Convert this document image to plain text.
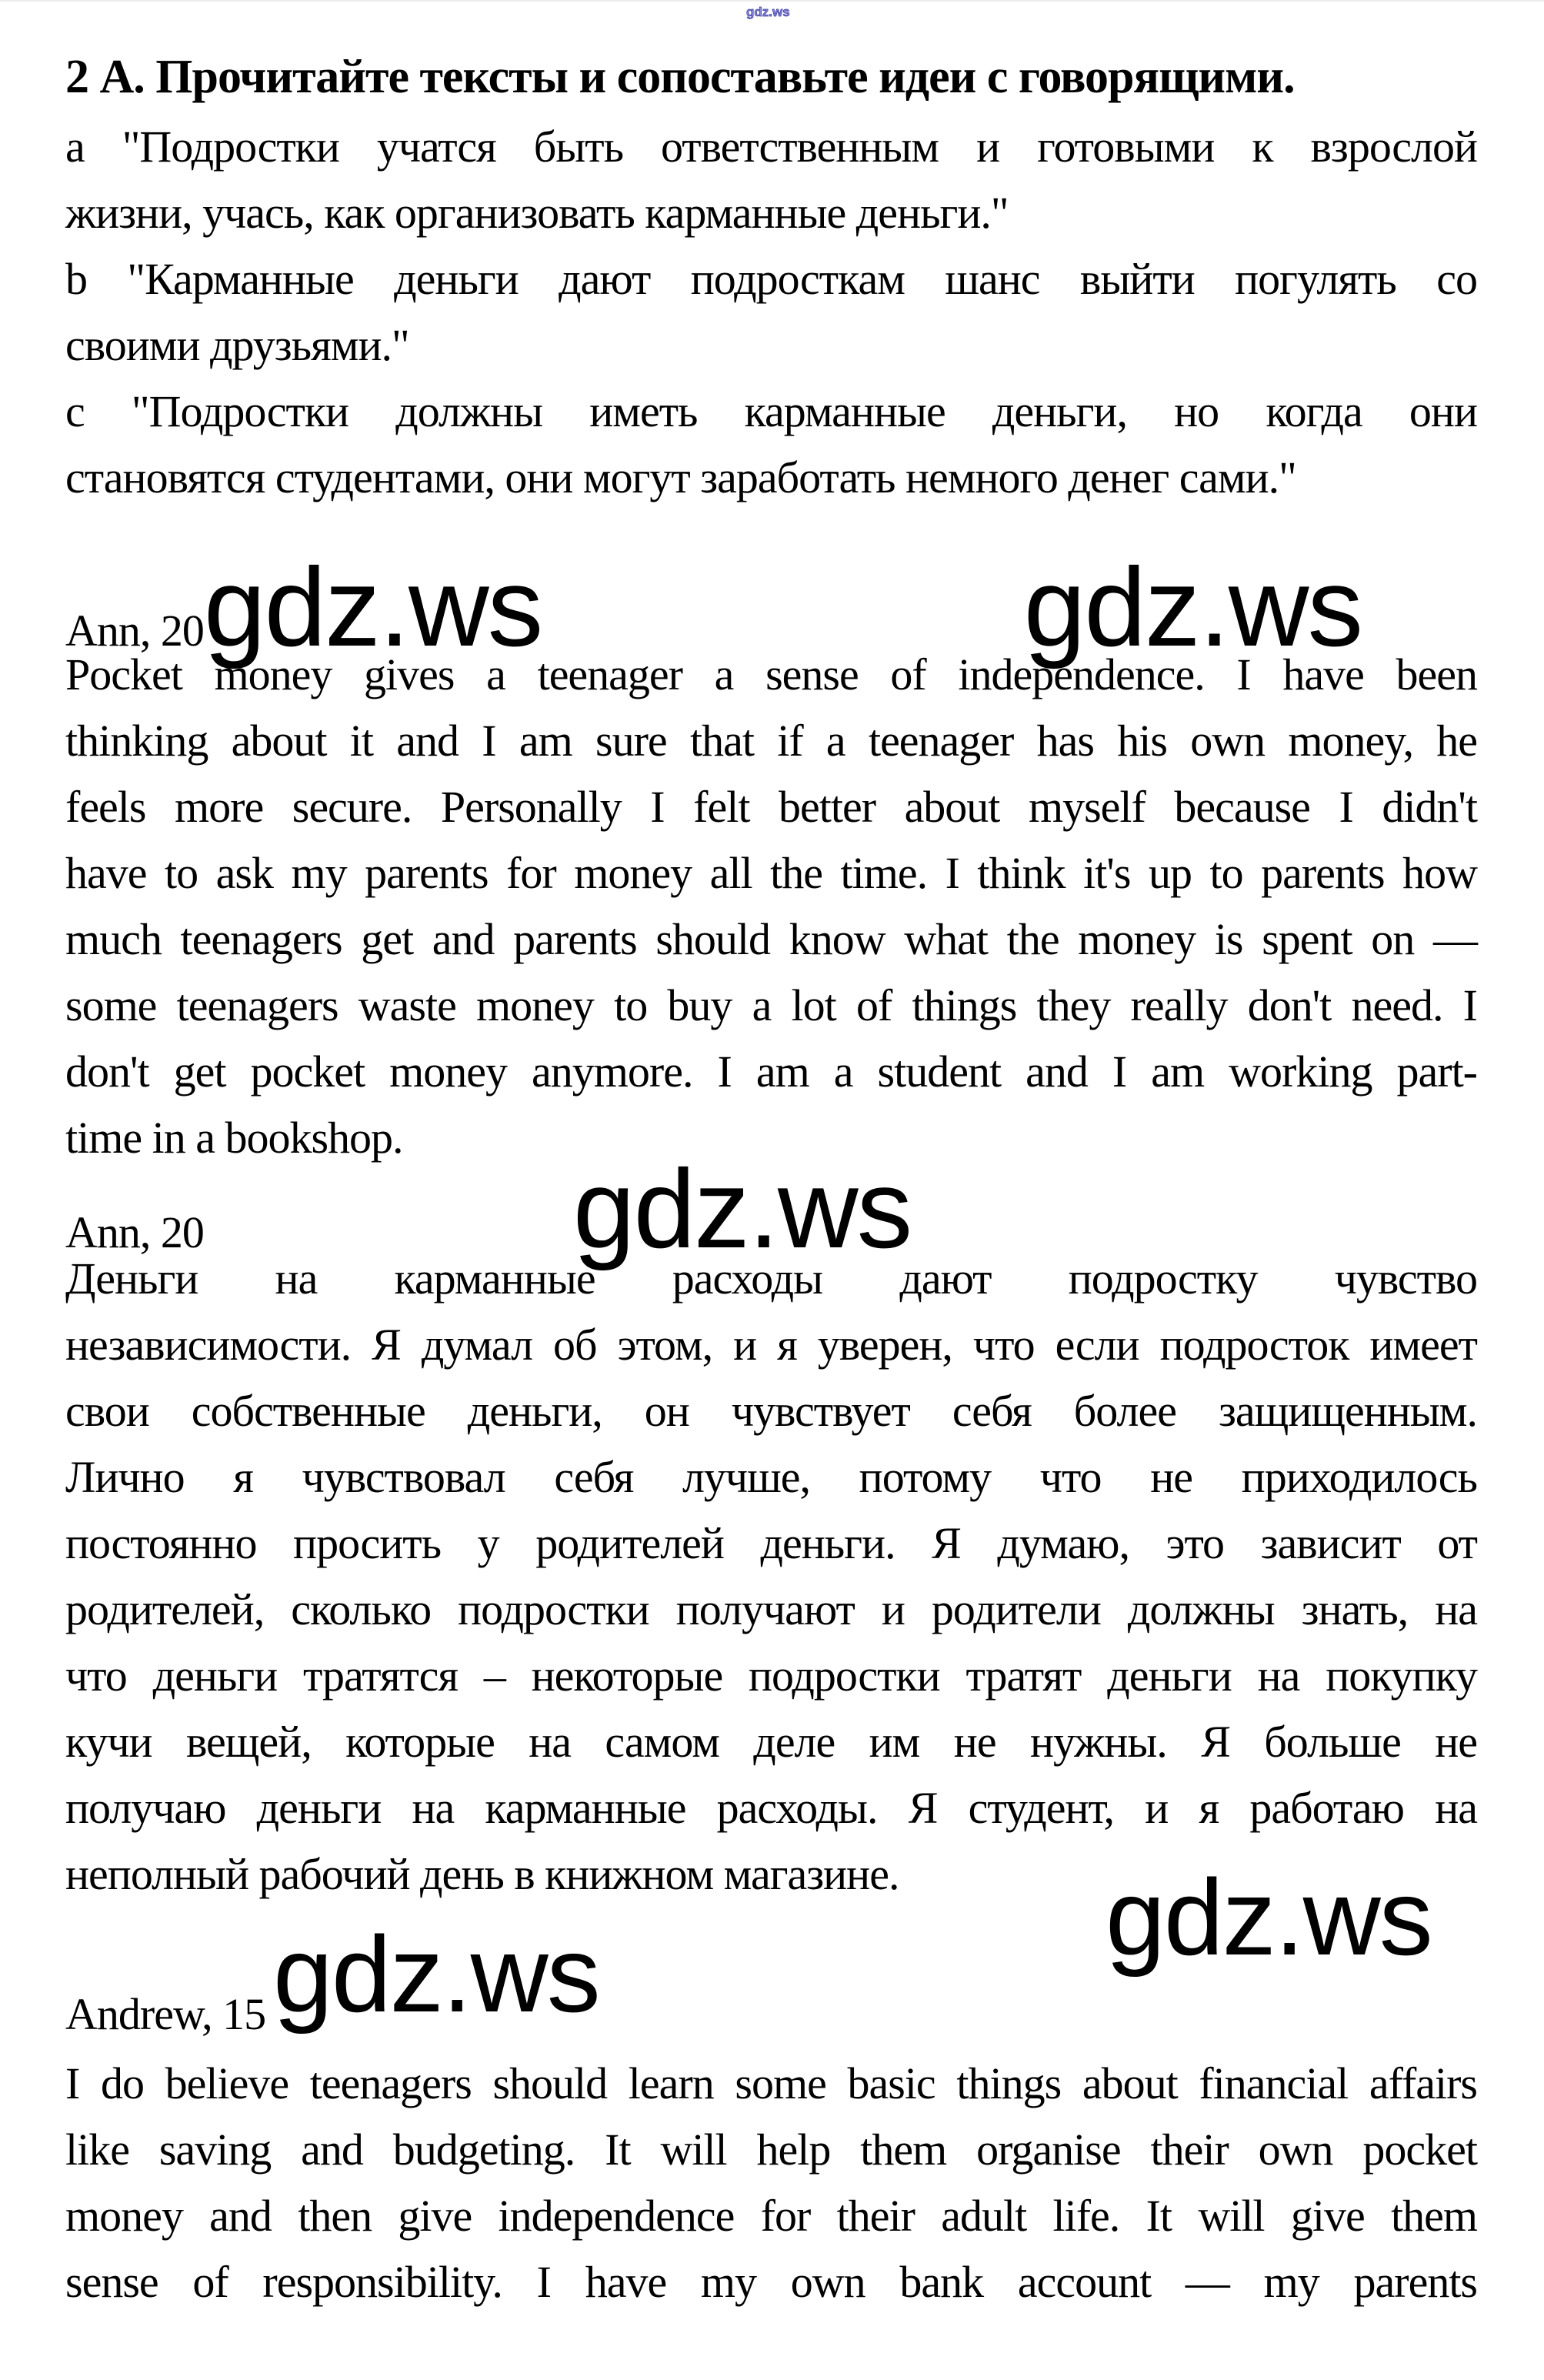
2 А. Прочитайте тексты и сопоставьте идеи с говорящими.
a "Подростки учатся быть ответственным и готовыми к взрослой
жизни, учась, как организовать карманные деньги."
b "Карманные деньги дают подросткам шанс выйти погулять со
своими друзьями."
c "Подростки должны иметь карманные деньги, но когда они
становятся студентами, они могут заработать немного денег сами."
Ann, 20 gdz.ws	gdz.ws
Pocket money gives a teenager a sense of independence. I have been
thinking about it and I am sure that if a teenager has his own money, he
feels more secure. Personally I felt better about myself because I didn't
have to ask my parents for money all the time. I think it's up to parents how
much teenagers get and parents should know what the money is spent on —
some teenagers waste money to buy a lot of things they really don't need. I
don't get pocket money anymore. I am a student and I am working part-
time in a bookshop.
Ann, 20	gdz.ws
Деньги на карманные расходы дают подростку чувство
независимости. Я думал об этом, и я уверен, что если подросток имеет
свои собственные деньги, он чувствует себя более защищенным.
Лично я чувствовал себя лучше, потому что не приходилось
постоянно просить у родителей деньги. Я думаю, это зависит от
родителей, сколько подростки получают и родители должны знать, на
что деньги тратятся – некоторые подростки тратят деньги на покупку
кучи вещей, которые на самом деле им не нужны. Я больше не
получаю деньги на карманные расходы. Я студент, и я работаю на
неполный рабочий день в книжном магазине.
Andrew, 15
I do believe teenagers should learn some basic things about financial affairs
like saving and budgeting. It will help them organise their own pocket
money and then give independence for their adult life. It will give them
sense of responsibility. I have my own bank account — my parents
gdz.ws
gdz.ws
gdz.ws
